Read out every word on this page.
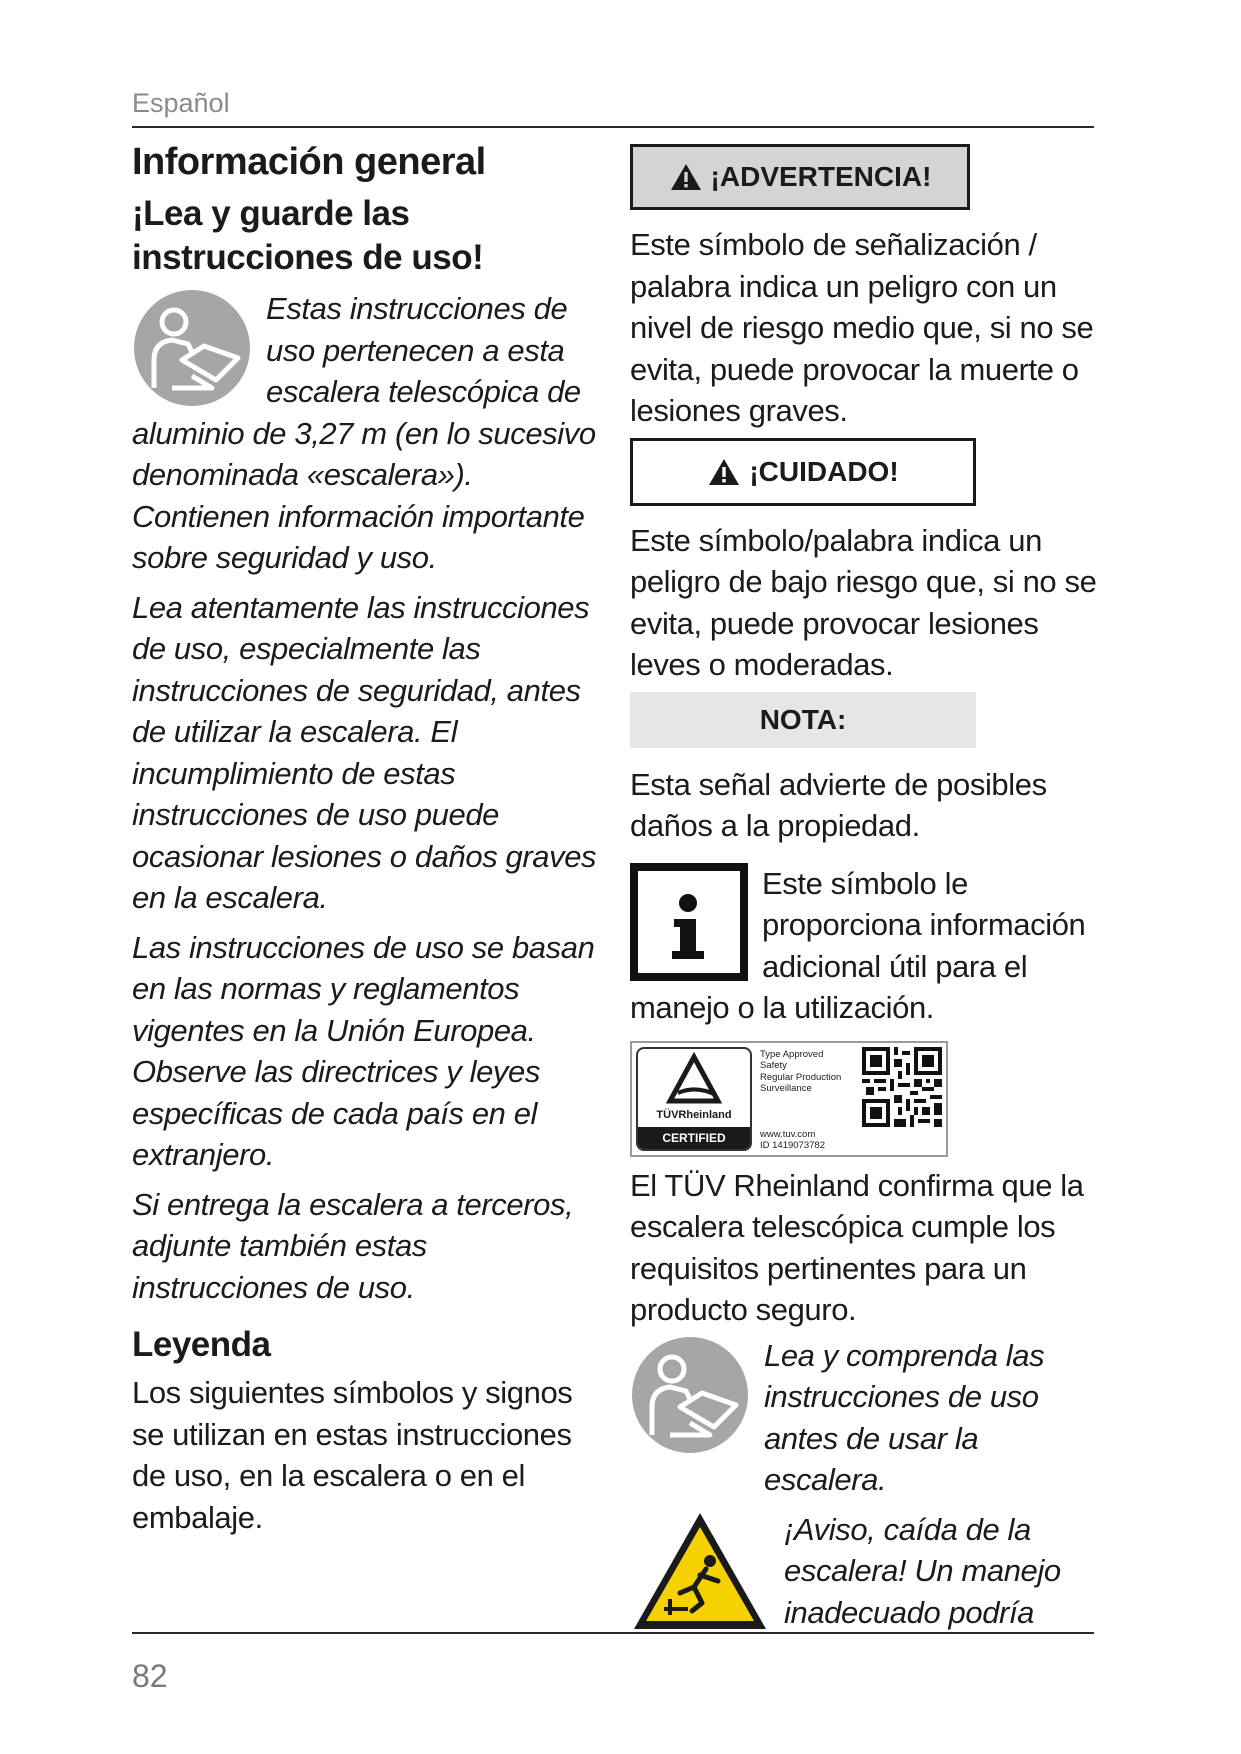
Español
Información general
¡Lea y guarde las
instrucciones de uso!
Estas instrucciones de
uso pertenecen a esta
escalera telescópica de
aluminio de 3,27 m (en lo sucesivo denominada «escalera»). Contienen información importante sobre seguridad y uso.
Lea atentamente las instrucciones de uso, especialmente las instrucciones de seguridad, antes de utilizar la escalera. El incumplimiento de estas instrucciones de uso puede ocasionar lesiones o daños graves en la escalera.
Las instrucciones de uso se basan en las normas y reglamentos vigentes en la Unión Europea. Observe las directrices y leyes específicas de cada país en el extranjero.
Si entrega la escalera a terceros, adjunte también estas instrucciones de uso.
Leyenda
Los siguientes símbolos y signos se utilizan en estas instrucciones de uso, en la escalera o en el embalaje.
¡ADVERTENCIA!
Este símbolo de señalización / palabra indica un peligro con un nivel de riesgo medio que, si no se evita, puede provocar la muerte o lesiones graves.
¡CUIDADO!
Este símbolo/palabra indica un peligro de bajo riesgo que, si no se evita, puede provocar lesiones leves o moderadas.
NOTA:
Esta señal advierte de posibles daños a la propiedad.
Este símbolo le
proporciona información
adicional útil para el
manejo o la utilización.
TÜVRheinland
CERTIFIED
Type Approved
Safety
Regular Production
Surveillance
www.tuv.com
ID 1419073782
El TÜV Rheinland confirma que la escalera telescópica cumple los requisitos pertinentes para un producto seguro.
Lea y comprenda las instrucciones de uso antes de usar la escalera.
¡Aviso, caída de la escalera! Un manejo inadecuado podría
82
